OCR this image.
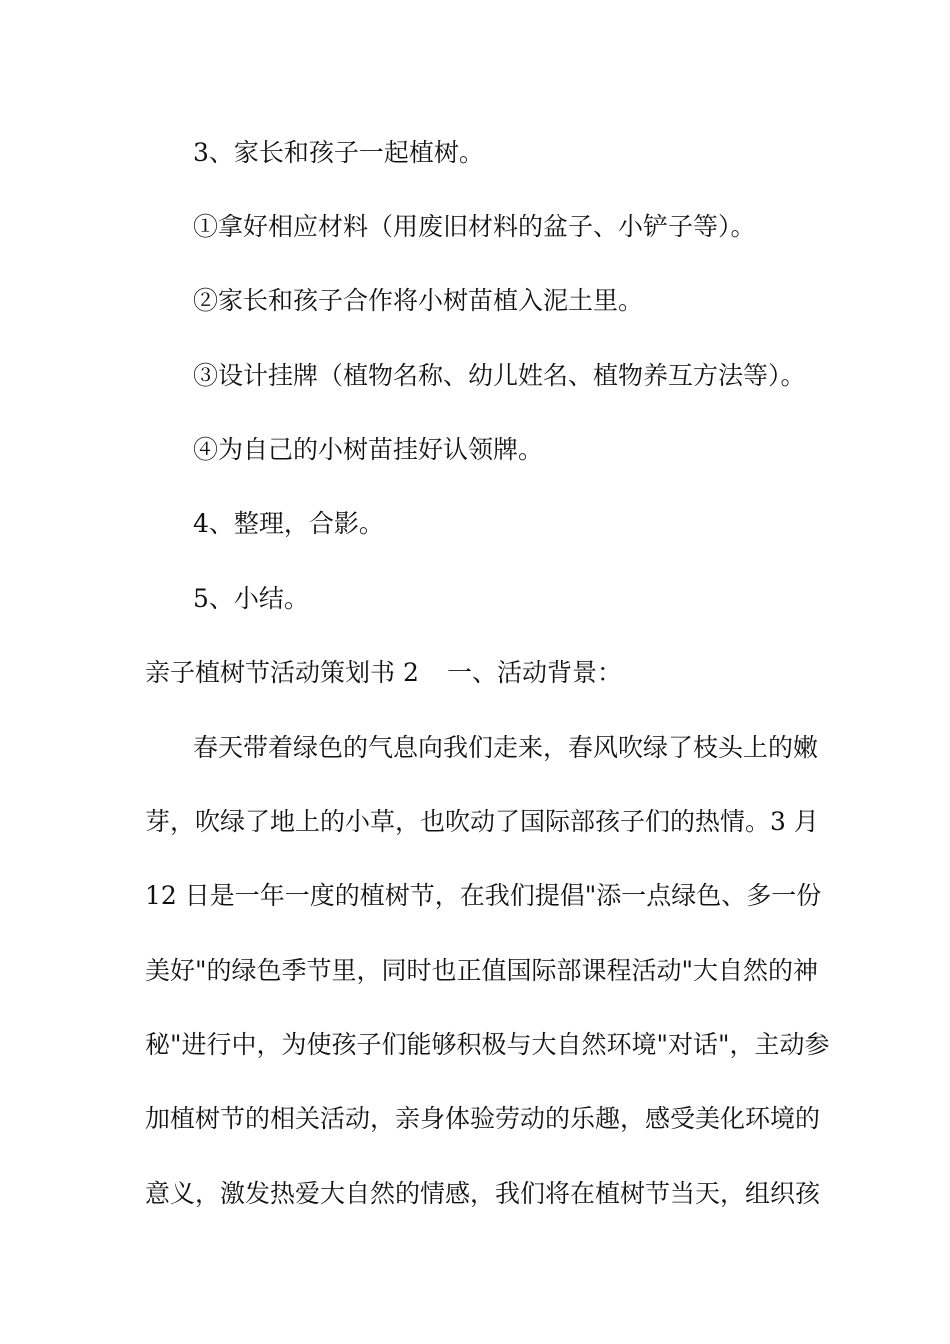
3、家长和孩子一起植树。
①拿好相应材料（用废旧材料的盆子、小铲子等）。
②家长和孩子合作将小树苗植入泥土里。
③设计挂牌（植物名称、幼儿姓名、植物养互方法等）。
④为自己的小树苗挂好认领牌。
4、整理，合影。
5、小结。
亲子植树节活动策划书 2 一、活动背景：
春天带着绿色的气息向我们走来，春风吹绿了枝头上的嫩
芽，吹绿了地上的小草，也吹动了国际部孩子们的热情。3 月
12 日是一年一度的植树节，在我们提倡"添一点绿色、多一份
美好"的绿色季节里，同时也正值国际部课程活动"大自然的神
秘"进行中，为使孩子们能够积极与大自然环境"对话"，主动参
加植树节的相关活动，亲身体验劳动的乐趣，感受美化环境的
意义，激发热爱大自然的情感，我们将在植树节当天，组织孩
